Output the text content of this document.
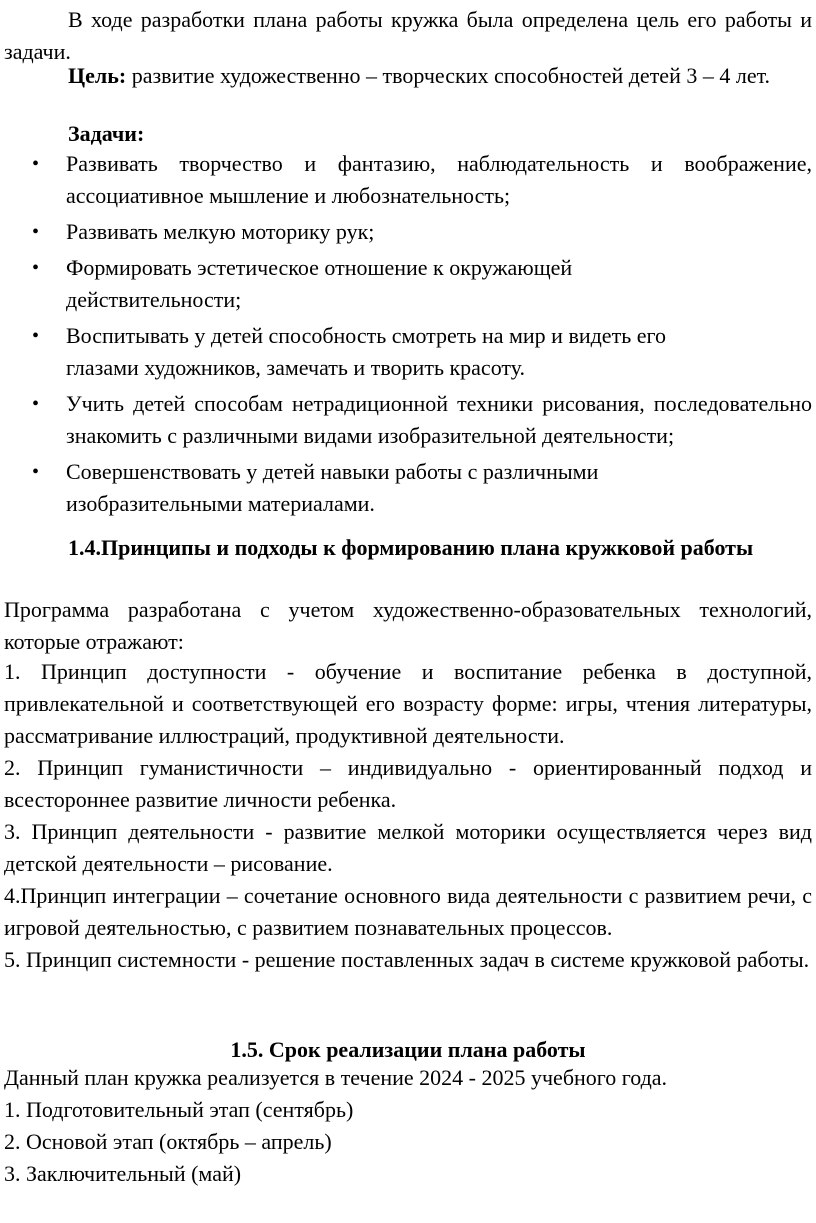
В ходе разработки плана работы кружка была определена цель его работы и задачи.

Цель: развитие художественно – творческих способностей детей 3 – 4 лет.

Задачи:

• Развивать творчество и фантазию, наблюдательность и воображение, ассоциативное мышление и любознательность;
• Развивать мелкую моторику рук;
• Формировать эстетическое отношение к окружающей действительности;
• Воспитывать у детей способность смотреть на мир и видеть его глазами художников, замечать и творить красоту.
• Учить детей способам нетрадиционной техники рисования, последовательно знакомить с различными видами изобразительной деятельности;
• Совершенствовать у детей навыки работы с различными изобразительными материалами.

1.4.Принципы и подходы к формированию плана кружковой работы

Программа разработана с учетом художественно-образовательных технологий, которые отражают:

1. Принцип доступности - обучение и воспитание ребенка в доступной, привлекательной и соответствующей его возрасту форме: игры, чтения литературы, рассматривание иллюстраций, продуктивной деятельности.

2. Принцип гуманистичности – индивидуально - ориентированный подход и всестороннее развитие личности ребенка.

3. Принцип деятельности - развитие мелкой моторики осуществляется через вид детской деятельности – рисование.

4.Принцип интеграции – сочетание основного вида деятельности с развитием речи, с игровой деятельностью, с развитием познавательных процессов.

5. Принцип системности - решение поставленных задач в системе кружковой работы.

1.5. Срок реализации плана работы

Данный план кружка реализуется в течение 2024 - 2025 учебного года.

1. Подготовительный этап (сентябрь)

2. Основой этап (октябрь – апрель)

3. Заключительный (май)
